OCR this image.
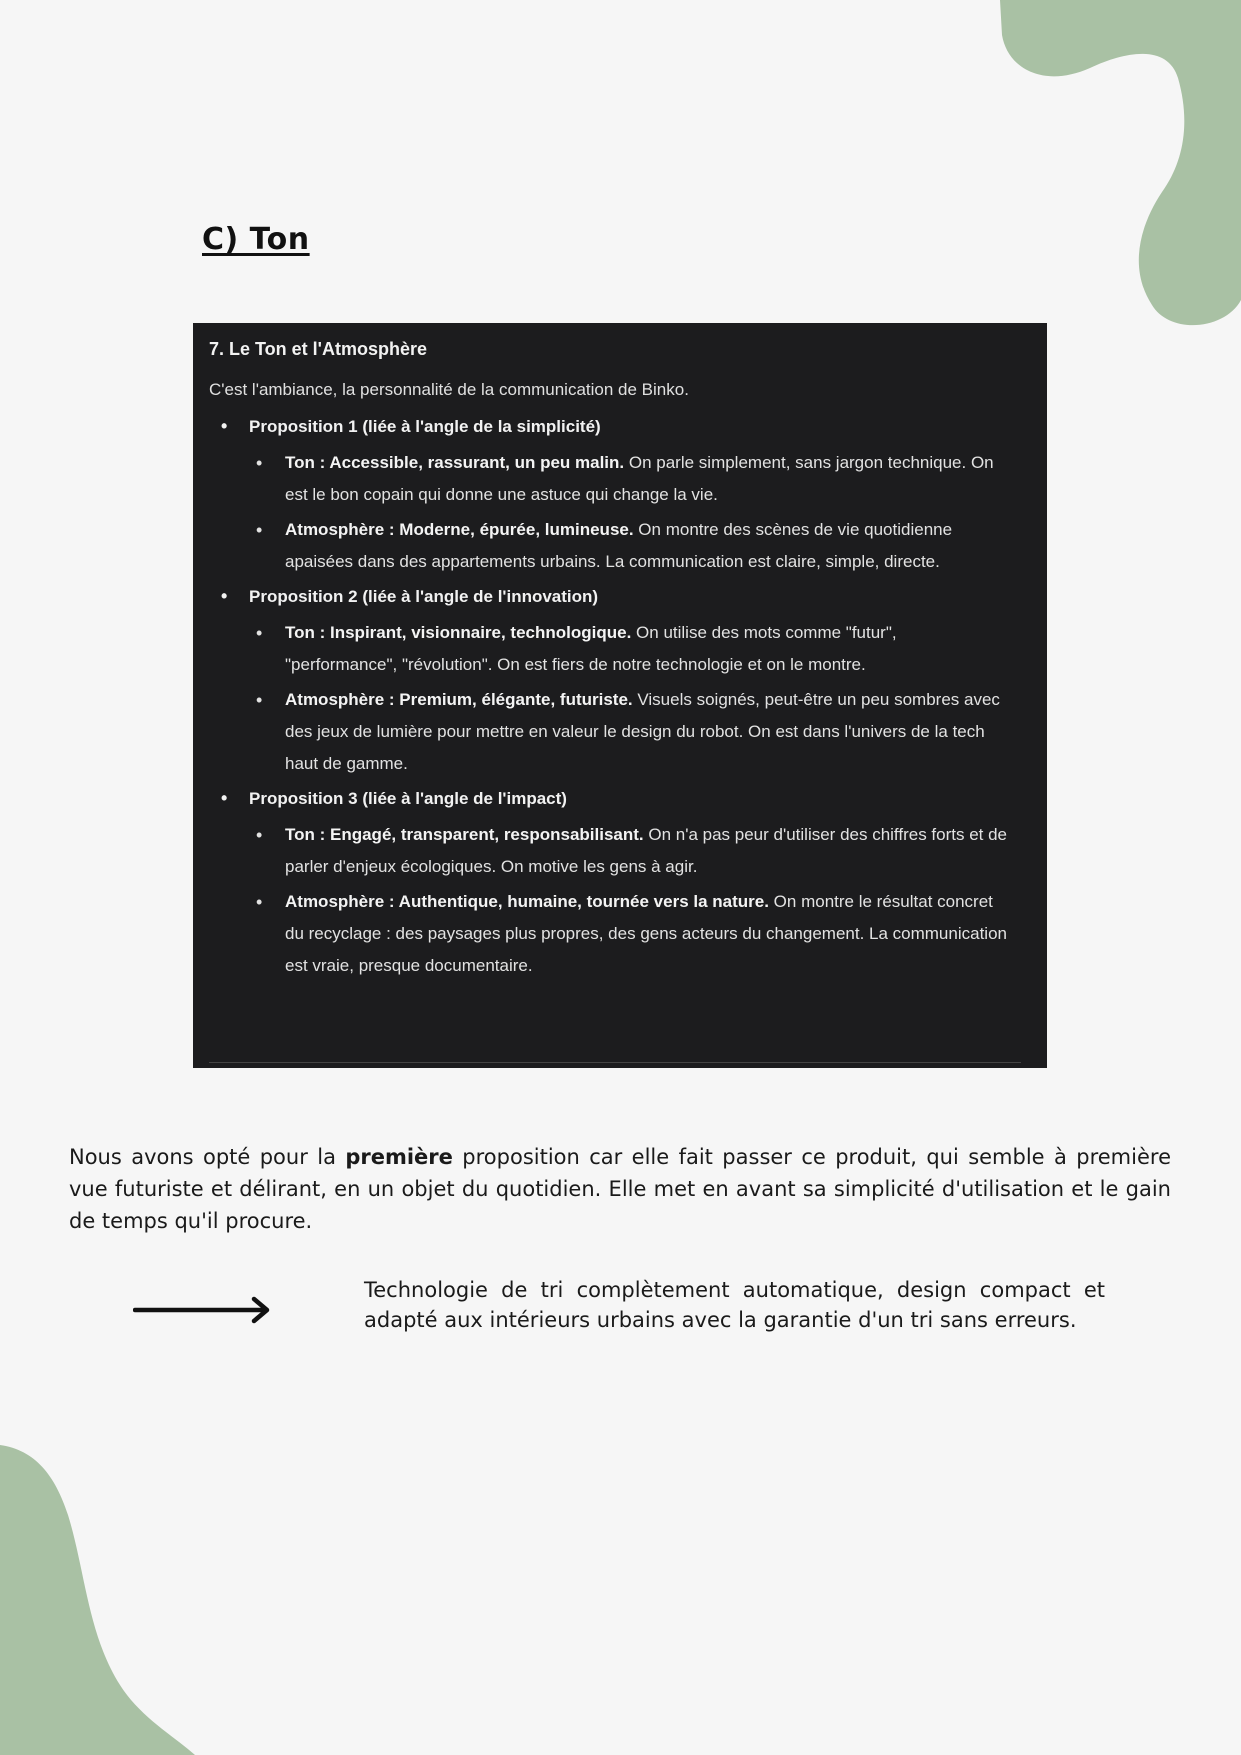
C) Ton
7. Le Ton et l'Atmosphère
C'est l'ambiance, la personnalité de la communication de Binko.
• Proposition 1 (liée à l'angle de la simplicité)
• Ton : Accessible, rassurant, un peu malin. On parle simplement, sans jargon technique. On est le bon copain qui donne une astuce qui change la vie.
• Atmosphère : Moderne, épurée, lumineuse. On montre des scènes de vie quotidienne apaisées dans des appartements urbains. La communication est claire, simple, directe.
• Proposition 2 (liée à l'angle de l'innovation)
• Ton : Inspirant, visionnaire, technologique. On utilise des mots comme "futur", "performance", "révolution". On est fiers de notre technologie et on le montre.
• Atmosphère : Premium, élégante, futuriste. Visuels soignés, peut-être un peu sombres avec des jeux de lumière pour mettre en valeur le design du robot. On est dans l'univers de la tech haut de gamme.
• Proposition 3 (liée à l'angle de l'impact)
• Ton : Engagé, transparent, responsabilisant. On n'a pas peur d'utiliser des chiffres forts et de parler d'enjeux écologiques. On motive les gens à agir.
• Atmosphère : Authentique, humaine, tournée vers la nature. On montre le résultat concret du recyclage : des paysages plus propres, des gens acteurs du changement. La communication est vraie, presque documentaire.
Nous avons opté pour la première proposition car elle fait passer ce produit, qui semble à première vue futuriste et délirant, en un objet du quotidien. Elle met en avant sa simplicité d'utilisation et le gain de temps qu'il procure.
Technologie de tri complètement automatique, design compact et adapté aux intérieurs urbains avec la garantie d'un tri sans erreurs.
